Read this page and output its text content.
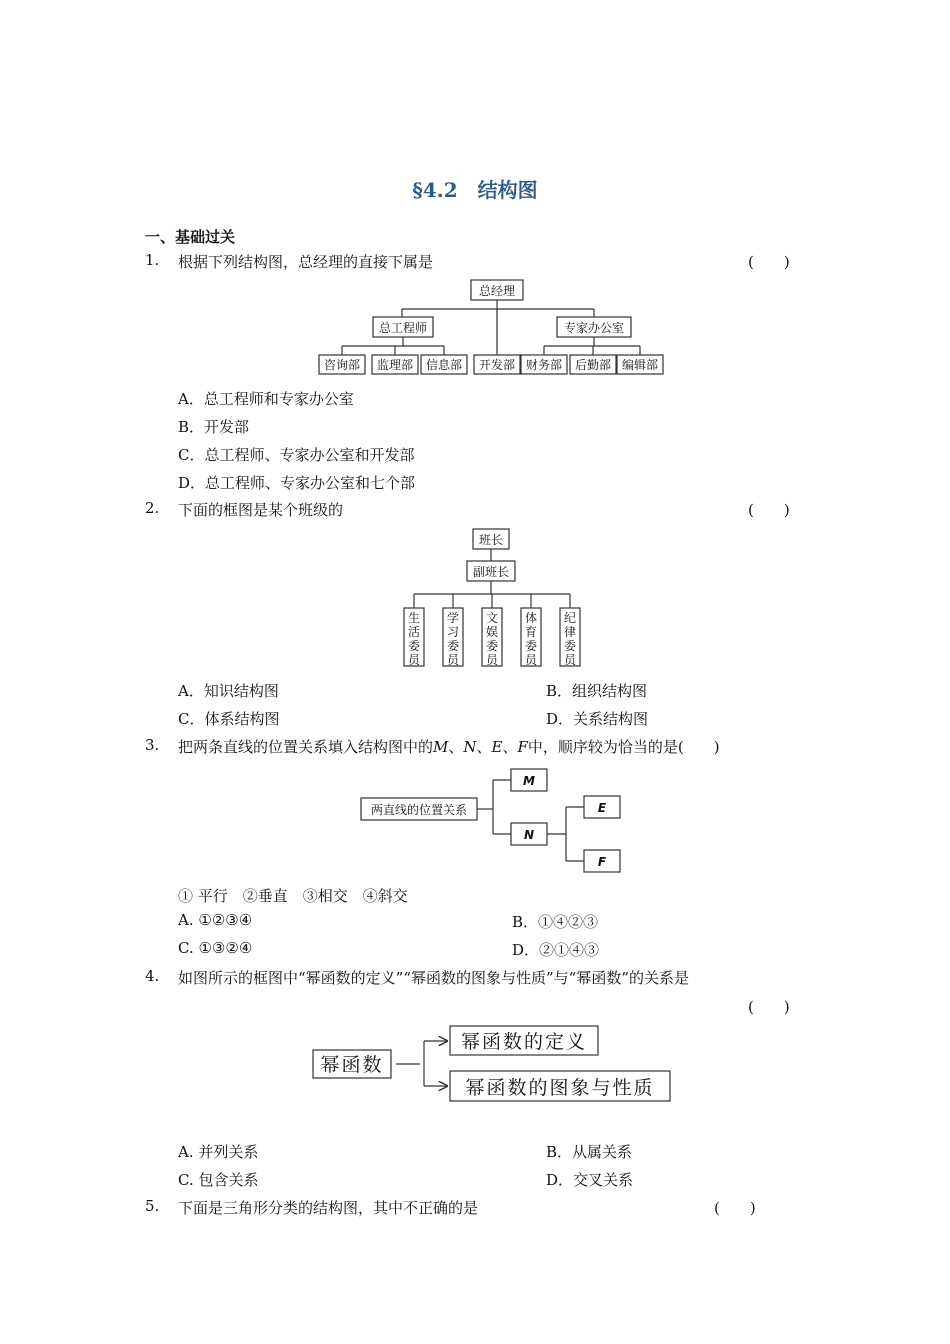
§4.2　结构图
一、基础过关
1. 根据下列结构图，总经理的直接下属是	(　　)
总经理
总工程师	专家办公室
咨询部 监理部 信息部 开发部 财务部 后勤部 编辑部
A．总工程师和专家办公室
B．开发部
C．总工程师、专家办公室和开发部
D．总工程师、专家办公室和七个部
2. 下面的框图是某个班级的	(　　)
班长
副班长
生
活
委
员
学
习
委
员
文
娱
委
员
体
育
委
员
纪
律
委
员
A．知识结构图	B．组织结构图
C．体系结构图	D．关系结构图
3. 把两条直线的位置关系填入结构图中的M、N、E、F中，顺序较为恰当的是(　　)
两直线的位置关系
M
N
E
F
① 平行　②垂直　③相交　④斜交
A. ①②③④	B．①④②③
C. ①③②④	D．②①④③
4. 如图所示的框图中“幂函数的定义”“幂函数的图象与性质”与“幂函数”的关系是
(　　)
幂函数
幂函数的定义
幂函数的图象与性质
A. 并列关系	B．从属关系
C. 包含关系	D．交叉关系
5. 下面是三角形分类的结构图，其中不正确的是	(　　)
